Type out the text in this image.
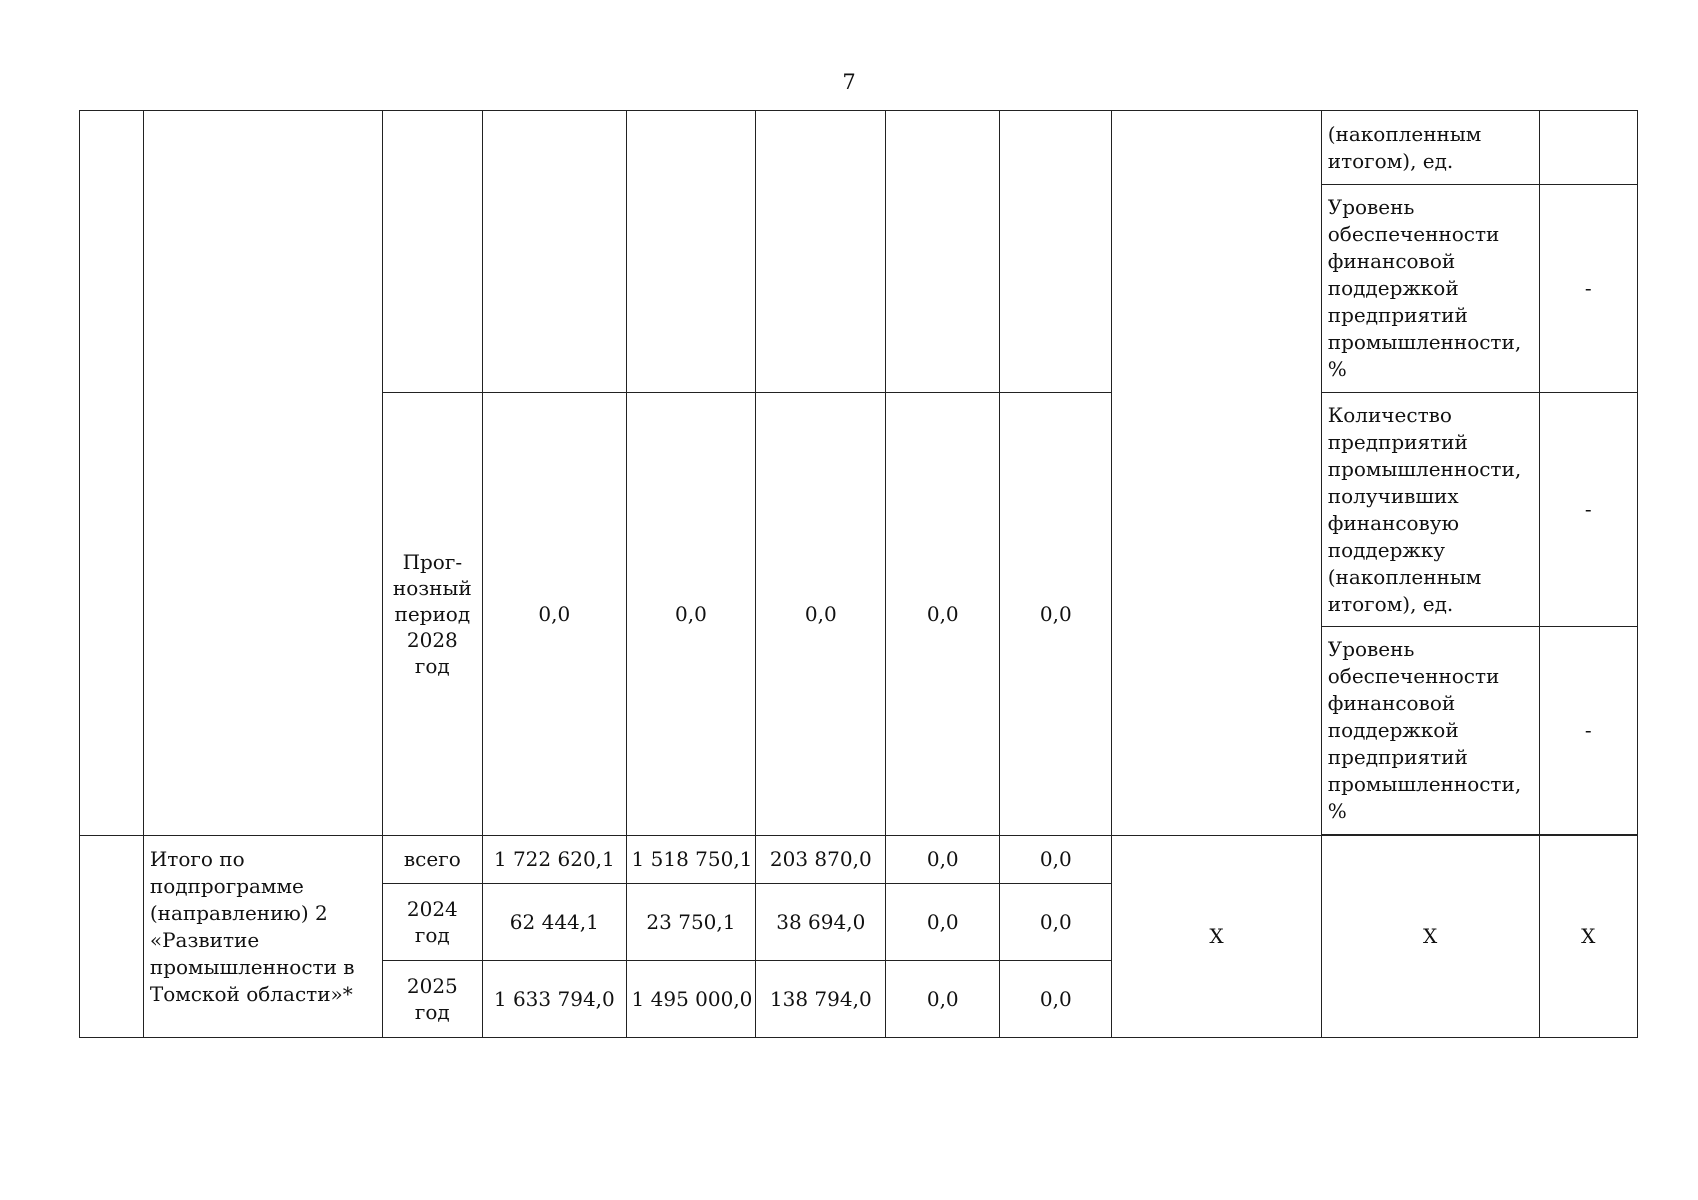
7
									(накопленным итогом), ед.	
									Уровень обеспеченности финансовой поддержкой предприятий промышленности, %	-
		Прог-нозный период 2028 год	0,0	0,0	0,0	0,0	0,0		Количество предприятий промышленности, получивших финансовую поддержку (накопленным итогом), ед.	-
									Уровень обеспеченности финансовой поддержкой предприятий промышленности, %	-

	Итого по подпрограмме (направлению) 2 «Развитие промышленности в Томской области»*	всего	1 722 620,1	1 518 750,1	203 870,0	0,0	0,0	X	X	X
		2024 год	62 444,1	23 750,1	38 694,0	0,0	0,0			
		2025 год	1 633 794,0	1 495 000,0	138 794,0	0,0	0,0			
